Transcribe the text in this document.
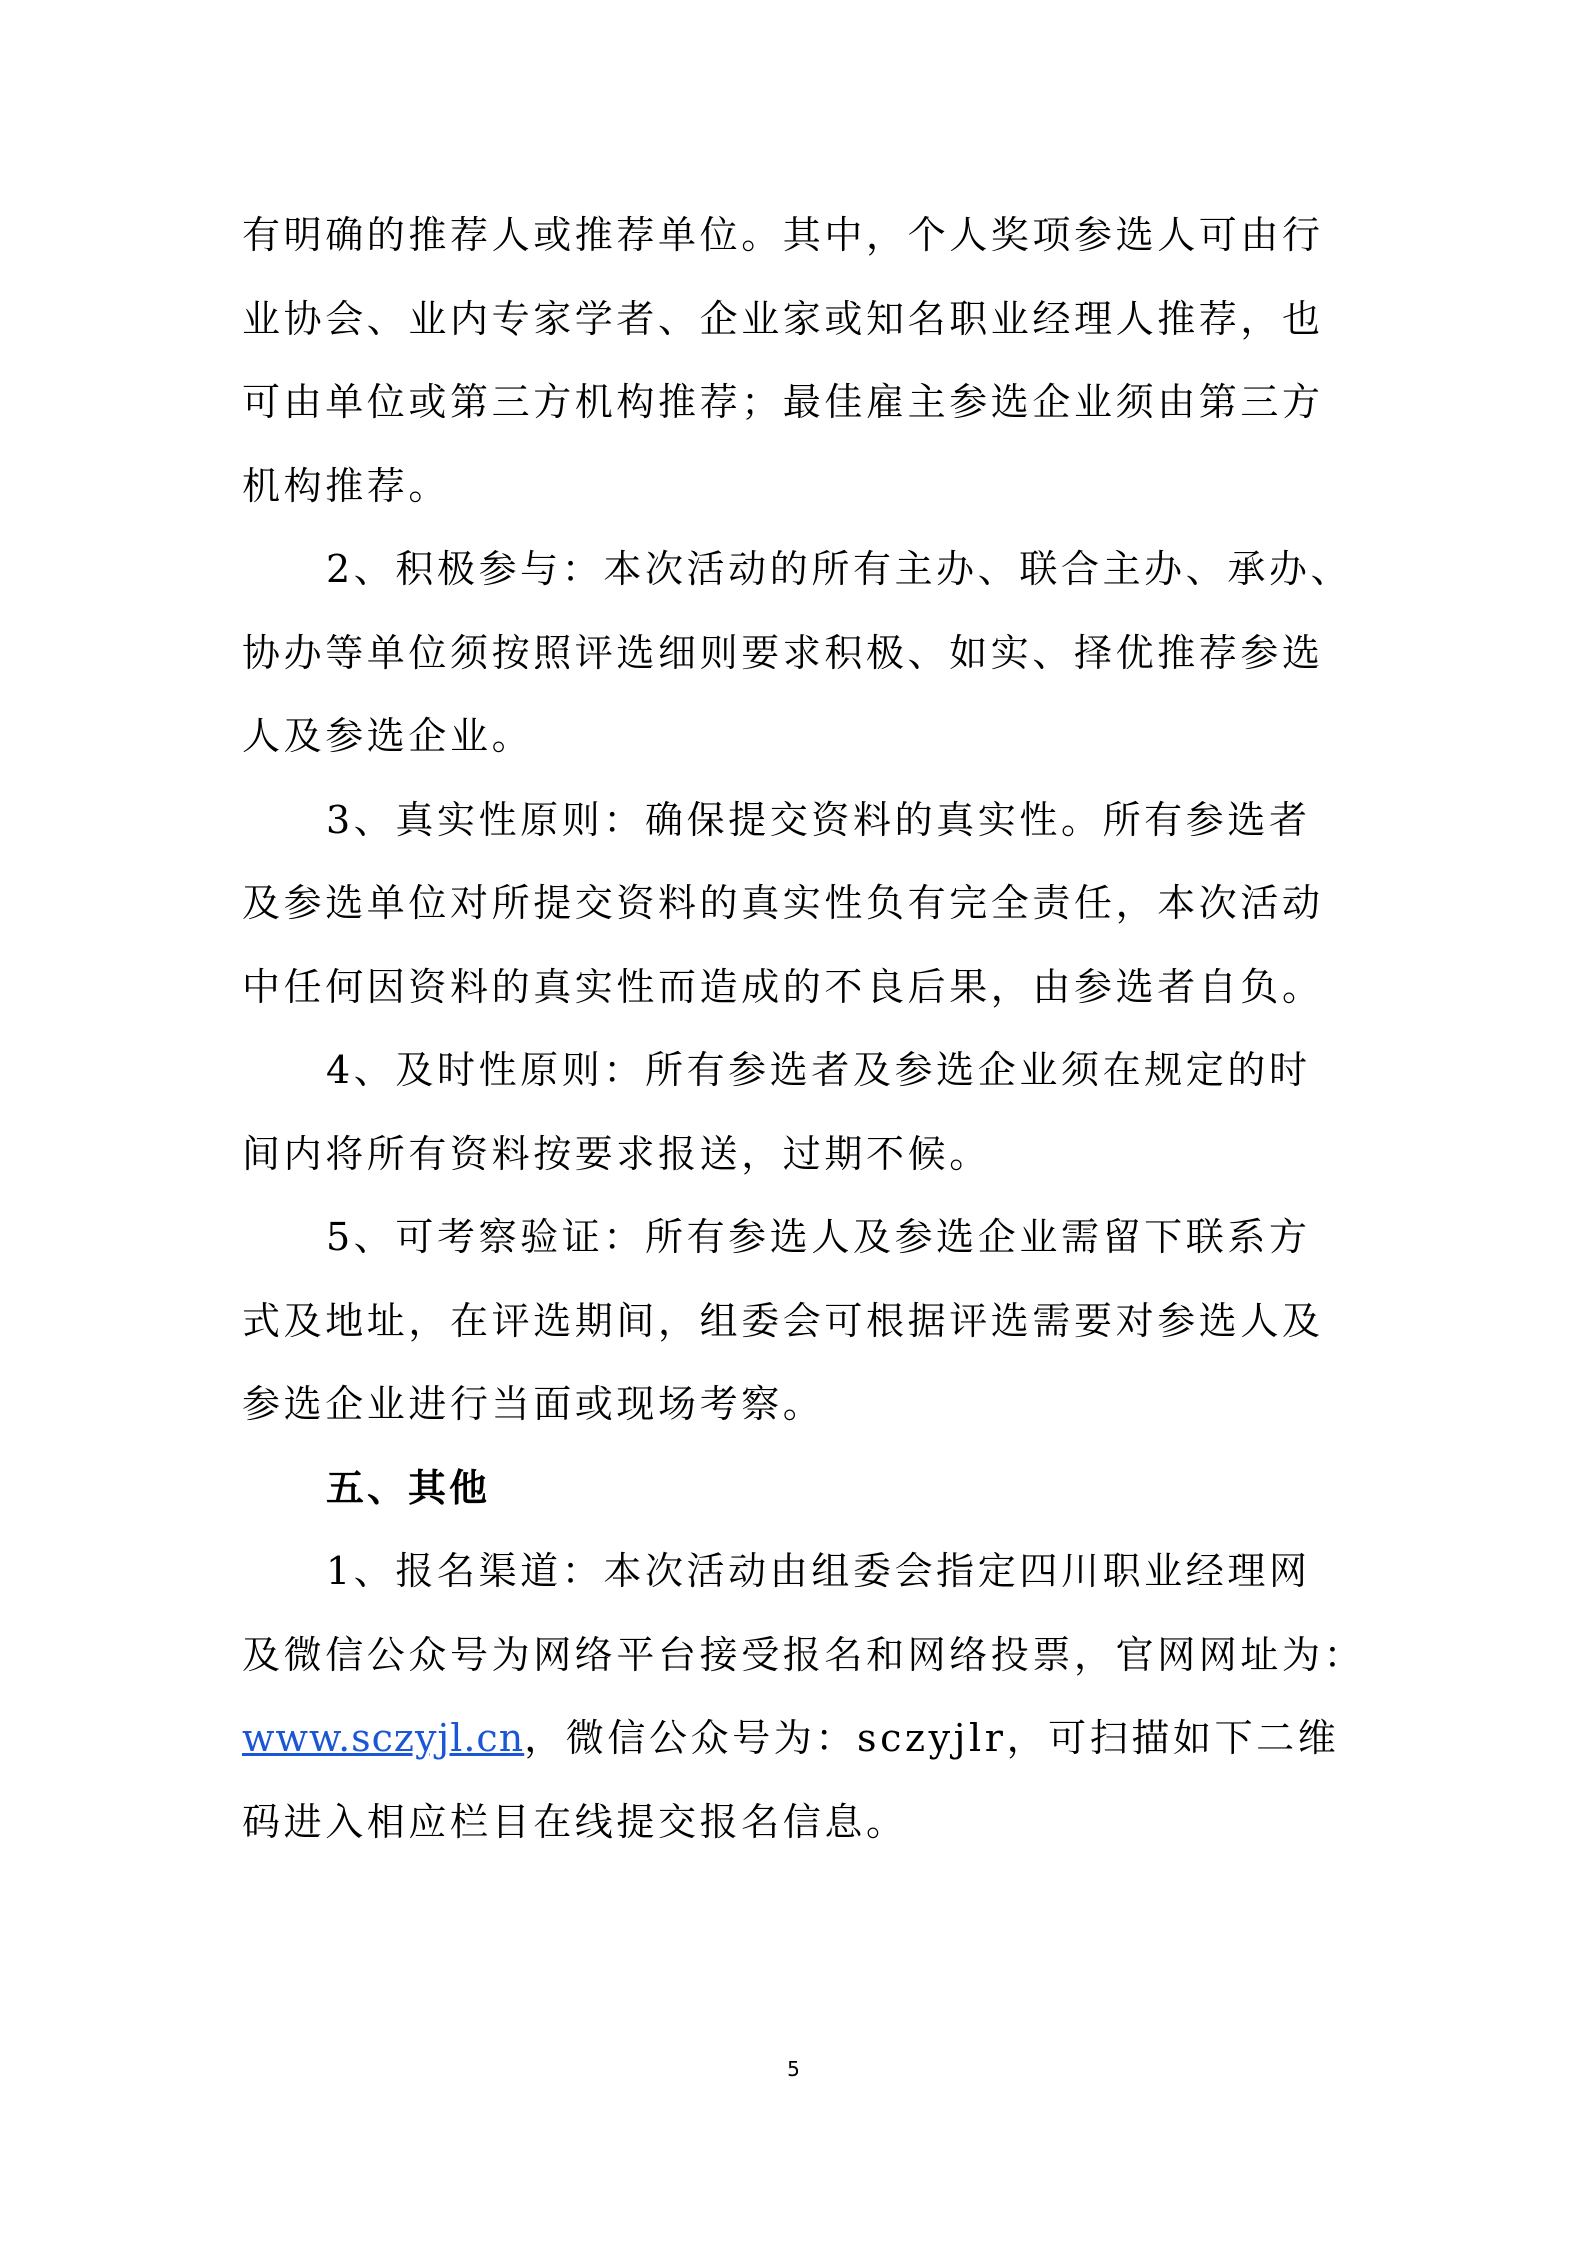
有明确的推荐人或推荐单位。其中，个人奖项参选人可由行
业协会、业内专家学者、企业家或知名职业经理人推荐，也
可由单位或第三方机构推荐；最佳雇主参选企业须由第三方
机构推荐。
2、积极参与：本次活动的所有主办、联合主办、承办、
协办等单位须按照评选细则要求积极、如实、择优推荐参选
人及参选企业。
3、真实性原则：确保提交资料的真实性。所有参选者
及参选单位对所提交资料的真实性负有完全责任，本次活动
中任何因资料的真实性而造成的不良后果，由参选者自负。
4、及时性原则：所有参选者及参选企业须在规定的时
间内将所有资料按要求报送，过期不候。
5、可考察验证：所有参选人及参选企业需留下联系方
式及地址，在评选期间，组委会可根据评选需要对参选人及
参选企业进行当面或现场考察。
五、其他
1、报名渠道：本次活动由组委会指定四川职业经理网
及微信公众号为网络平台接受报名和网络投票，官网网址为：
www.sczyjl.cn，微信公众号为：sczyjlr，可扫描如下二维
码进入相应栏目在线提交报名信息。
5
